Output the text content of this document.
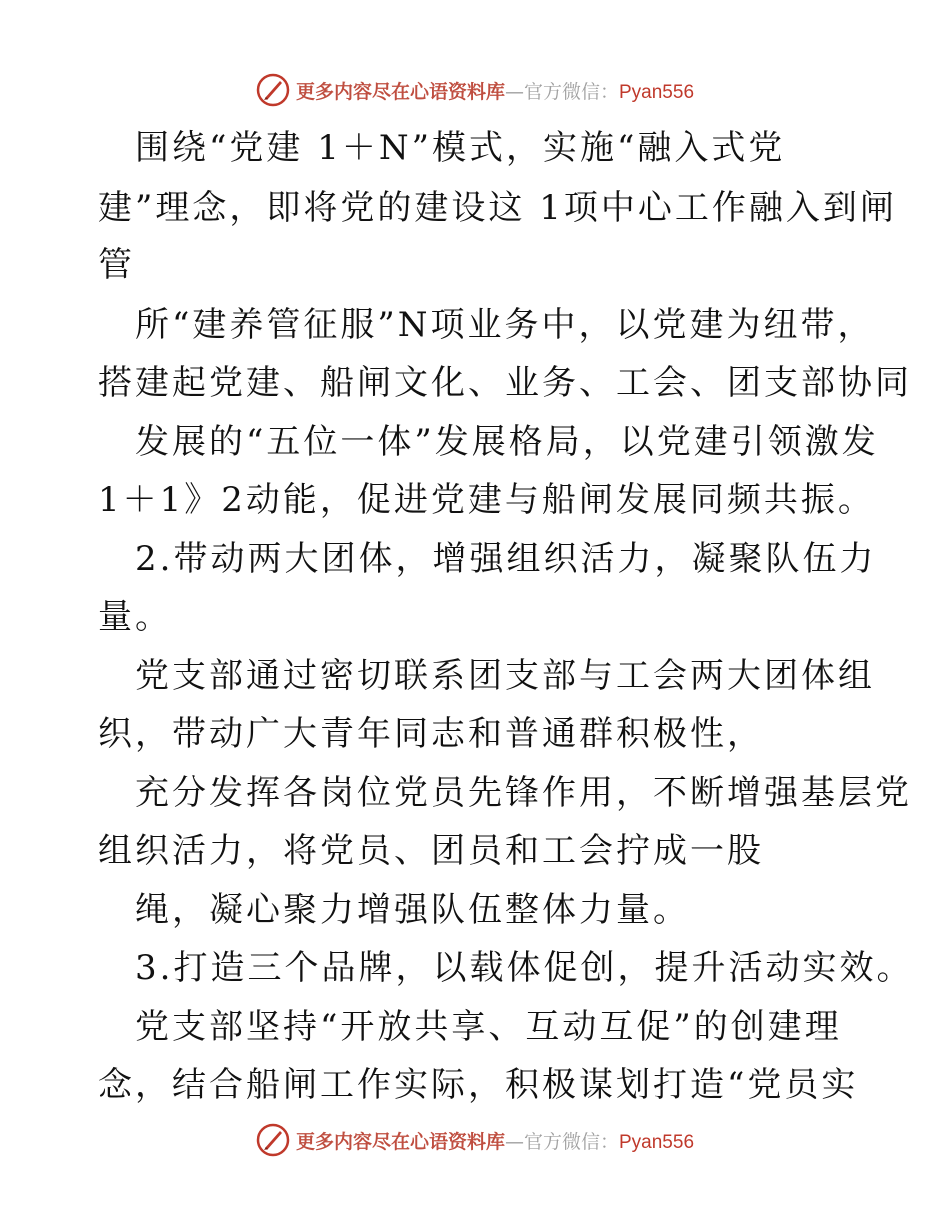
更多内容尽在心语资料库—官方微信：Pyan556
围绕“党建 1＋N”模式，实施“融入式党
建”理念，即将党的建设这 1项中心工作融入到闸
管
所“建养管征服”N项业务中，以党建为纽带，
搭建起党建、船闸文化、业务、工会、团支部协同
发展的“五位一体”发展格局，以党建引领激发
1＋1》2动能，促进党建与船闸发展同频共振。
2.带动两大团体，增强组织活力，凝聚队伍力
量。
党支部通过密切联系团支部与工会两大团体组
织，带动广大青年同志和普通群积极性，
充分发挥各岗位党员先锋作用，不断增强基层党
组织活力，将党员、团员和工会拧成一股
绳，凝心聚力增强队伍整体力量。
3.打造三个品牌，以载体促创，提升活动实效。
党支部坚持“开放共享、互动互促”的创建理
念，结合船闸工作实际，积极谋划打造“党员实
更多内容尽在心语资料库—官方微信：Pyan556
